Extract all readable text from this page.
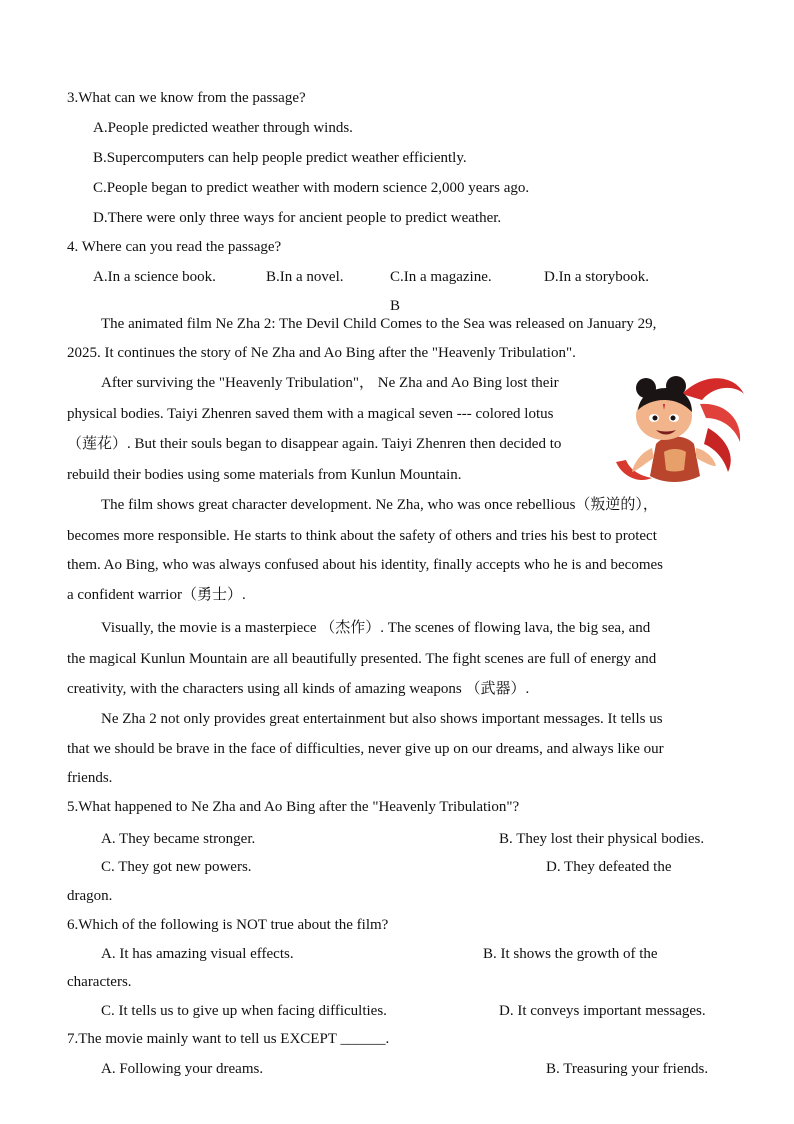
3.What can we know from the passage?
A.People predicted weather through winds.
B.Supercomputers can help people predict weather efficiently.
C.People began to predict weather with modern science 2,000 years ago.
D.There were only three ways for ancient people to predict weather.
4. Where can you read the passage?
A.In a science book.	B.In a novel.	C.In a magazine.	D.In a storybook.
B
The animated film Ne Zha 2: The Devil Child Comes to the Sea was released on January 29,
2025. It continues the story of Ne Zha and Ao Bing after the "Heavenly Tribulation".
After surviving the "Heavenly Tribulation"， Ne Zha and Ao Bing lost their
physical bodies. Taiyi Zhenren saved them with a magical seven --- colored lotus
（莲花）. But their souls began to disappear again. Taiyi Zhenren then decided to
rebuild their bodies using some materials from Kunlun Mountain.
The film shows great character development. Ne Zha, who was once rebellious（叛逆的），
becomes more responsible. He starts to think about the safety of others and tries his best to protect
them. Ao Bing, who was always confused about his identity, finally accepts who he is and becomes
a confident warrior（勇士）.
Visually, the movie is a masterpiece （杰作）. The scenes of flowing lava, the big sea, and
the magical Kunlun Mountain are all beautifully presented. The fight scenes are full of energy and
creativity, with the characters using all kinds of amazing weapons （武器）.
Ne Zha 2 not only provides great entertainment but also shows important messages. It tells us
that we should be brave in the face of difficulties, never give up on our dreams, and always like our
friends.
5.What happened to Ne Zha and Ao Bing after the "Heavenly Tribulation"?
A. They became stronger.	B. They lost their physical bodies.
C. They got new powers.	D. They defeated the
dragon.
6.Which of the following is NOT true about the film?
A. It has amazing visual effects.	B. It shows the growth of the
characters.
C. It tells us to give up when facing difficulties.	D. It conveys important messages.
7.The movie mainly want to tell us EXCEPT ______.
A. Following your dreams.	B. Treasuring your friends.
